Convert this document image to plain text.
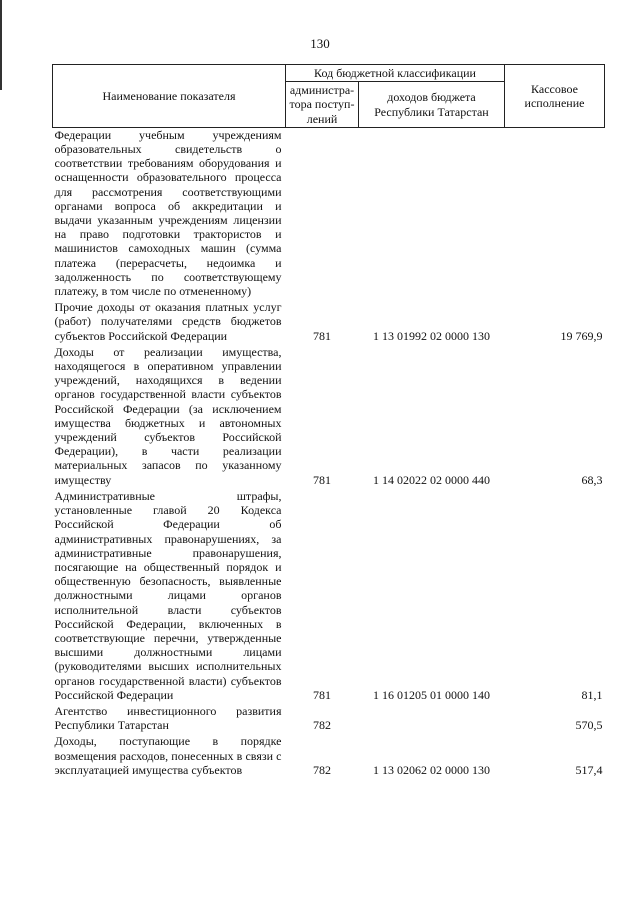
130
Наименование показателя	Код бюджетной классификации		Кассовое исполнение
	администра-тора поступ-лений	доходов бюджета Республики Татарстан	
Федерации учебным учреждениям образовательных свидетельств о соответствии требованиям оборудования и оснащенности образовательного процесса для рассмотрения соответствующими органами вопроса об аккредитации и выдачи указанным учреждениям лицензии на право подготовки трактористов и машинистов самоходных машин (сумма платежа (перерасчеты, недоимка и задолженность по соответствующему платежу, в том числе по отмененному)			
Прочие доходы от оказания платных услуг (работ) получателями средств бюджетов субъектов Российской Федерации	781	1 13 01992 02 0000 130	19 769,9
Доходы от реализации имущества, находящегося в оперативном управлении учреждений, находящихся в ведении органов государственной власти субъектов Российской Федерации (за исключением имущества бюджетных и автономных учреждений субъектов Российской Федерации), в части реализации материальных запасов по указанному имуществу	781	1 14 02022 02 0000 440	68,3
Административные штрафы, установленные главой 20 Кодекса Российской Федерации об административных правонарушениях, за административные правонарушения, посягающие на общественный порядок и общественную безопасность, выявленные должностными лицами органов исполнительной власти субъектов Российской Федерации, включенных в соответствующие перечни, утвержденные высшими должностными лицами (руководителями высших исполнительных органов государственной власти) субъектов Российской Федерации	781	1 16 01205 01 0000 140	81,1
Агентство инвестиционного развития Республики Татарстан	782		570,5
Доходы, поступающие в порядке возмещения расходов, понесенных в связи с эксплуатацией имущества субъектов	782	1 13 02062 02 0000 130	517,4
